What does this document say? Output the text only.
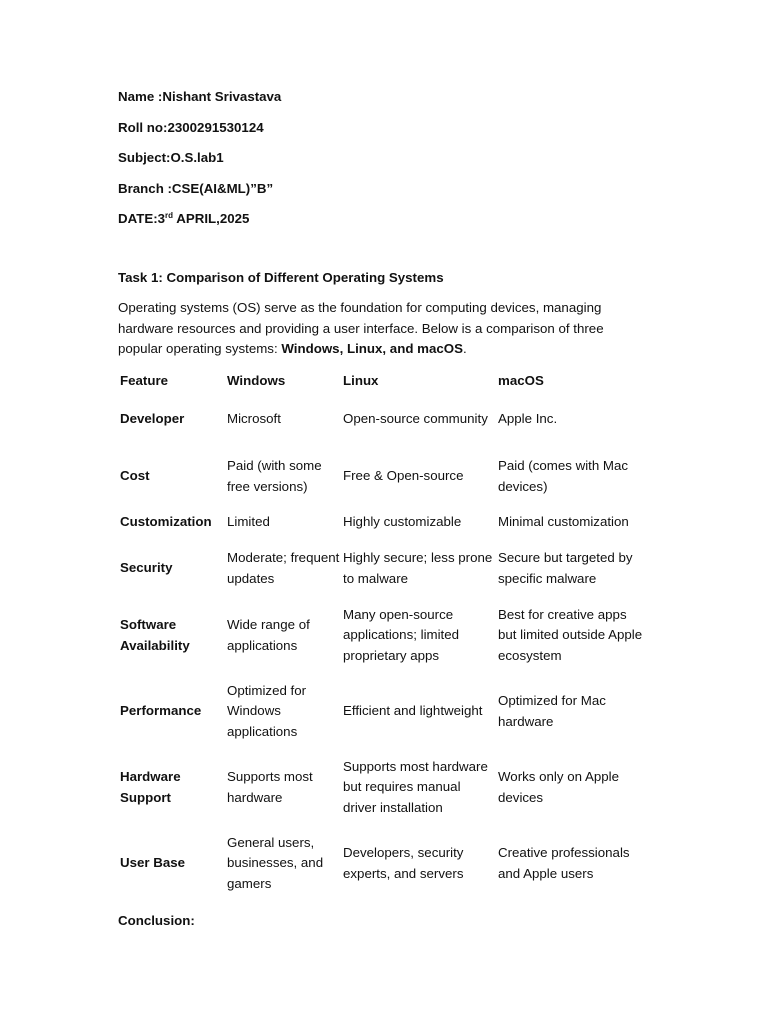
Name :Nishant Srivastava
Roll no:2300291530124
Subject:O.S.lab1
Branch :CSE(AI&ML)”B”
DATE:3rd APRIL,2025
Task 1: Comparison of Different Operating Systems

Operating systems (OS) serve as the foundation for computing devices, managing hardware resources and providing a user interface. Below is a comparison of three popular operating systems: Windows, Linux, and macOS.

Feature	Windows	Linux	macOS
Developer	Microsoft	Open-source community	Apple Inc.
Cost	Paid (with some free versions)	Free & Open-source	Paid (comes with Mac devices)
Customization	Limited	Highly customizable	Minimal customization
Security	Moderate; frequent updates	Highly secure; less prone to malware	Secure but targeted by specific malware
Software Availability	Wide range of applications	Many open-source applications; limited proprietary apps	Best for creative apps but limited outside Apple ecosystem
Performance	Optimized for Windows applications	Efficient and lightweight	Optimized for Mac hardware
Hardware Support	Supports most hardware	Supports most hardware but requires manual driver installation	Works only on Apple devices
User Base	General users, businesses, and gamers	Developers, security experts, and servers	Creative professionals and Apple users
Conclusion:
